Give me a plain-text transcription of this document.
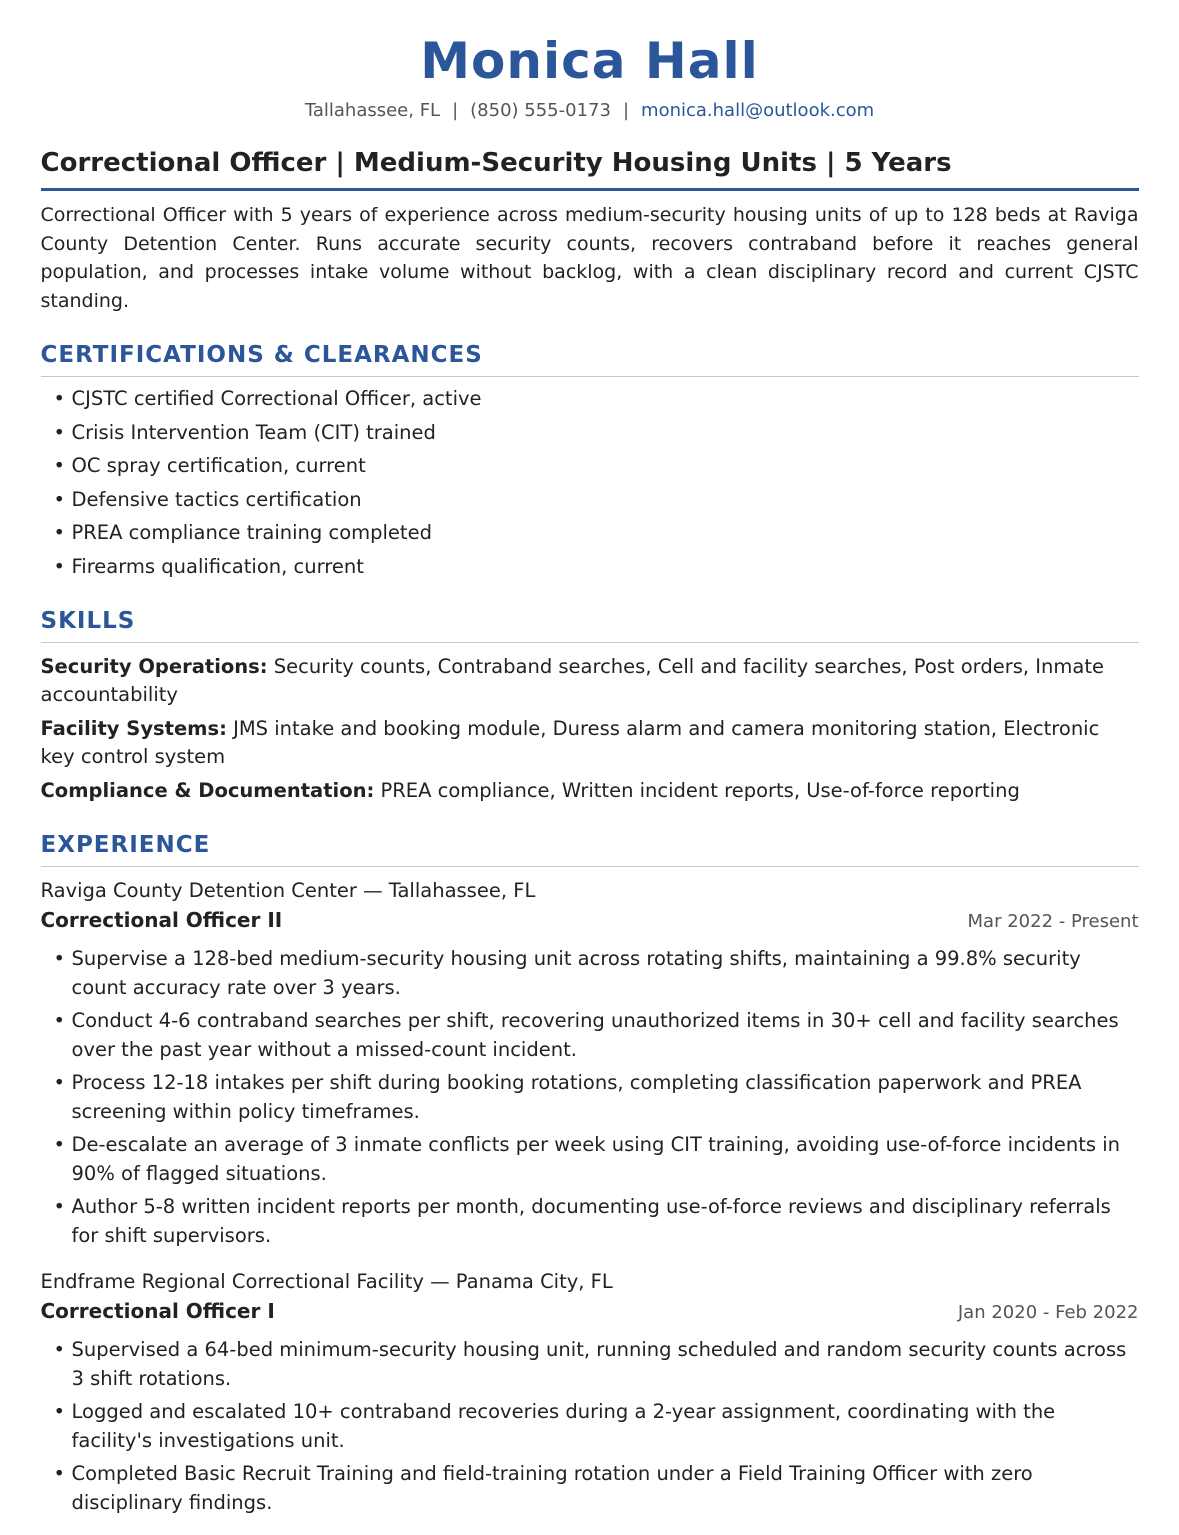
Monica Hall
Tallahassee, FL | (850) 555-0173 | monica.hall@outlook.com
Correctional Officer | Medium-Security Housing Units | 5 Years
Correctional Officer with 5 years of experience across medium-security housing units of up to 128 beds at Raviga County Detention Center. Runs accurate security counts, recovers contraband before it reaches general population, and processes intake volume without backlog, with a clean disciplinary record and current CJSTC standing.
CERTIFICATIONS & CLEARANCES
• CJSTC certified Correctional Officer, active
• Crisis Intervention Team (CIT) trained
• OC spray certification, current
• Defensive tactics certification
• PREA compliance training completed
• Firearms qualification, current
SKILLS
Security Operations: Security counts, Contraband searches, Cell and facility searches, Post orders, Inmate accountability
Facility Systems: JMS intake and booking module, Duress alarm and camera monitoring station, Electronic key control system
Compliance & Documentation: PREA compliance, Written incident reports, Use-of-force reporting
EXPERIENCE
Raviga County Detention Center — Tallahassee, FL
Correctional Officer II	Mar 2022 - Present
• Supervise a 128-bed medium-security housing unit across rotating shifts, maintaining a 99.8% security count accuracy rate over 3 years.
• Conduct 4-6 contraband searches per shift, recovering unauthorized items in 30+ cell and facility searches over the past year without a missed-count incident.
• Process 12-18 intakes per shift during booking rotations, completing classification paperwork and PREA screening within policy timeframes.
• De-escalate an average of 3 inmate conflicts per week using CIT training, avoiding use-of-force incidents in 90% of flagged situations.
• Author 5-8 written incident reports per month, documenting use-of-force reviews and disciplinary referrals for shift supervisors.
Endframe Regional Correctional Facility — Panama City, FL
Correctional Officer I	Jan 2020 - Feb 2022
• Supervised a 64-bed minimum-security housing unit, running scheduled and random security counts across 3 shift rotations.
• Logged and escalated 10+ contraband recoveries during a 2-year assignment, coordinating with the facility's investigations unit.
• Completed Basic Recruit Training and field-training rotation under a Field Training Officer with zero disciplinary findings.
